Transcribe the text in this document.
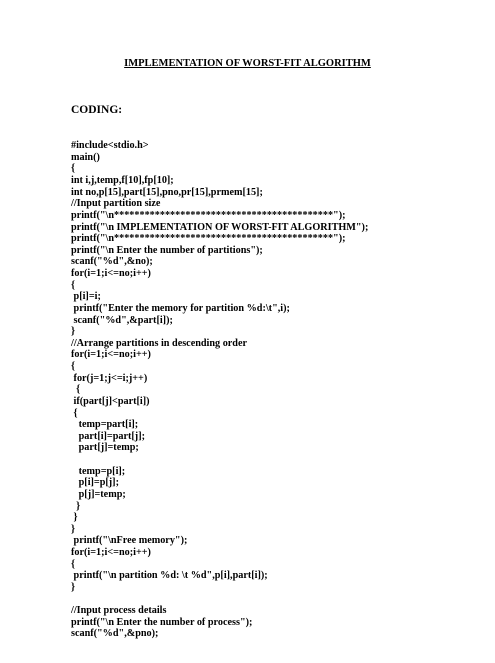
IMPLEMENTATION OF WORST-FIT ALGORITHM

CODING:

#include<stdio.h>
main()
{
int i,j,temp,f[10],fp[10];
int no,p[15],part[15],pno,pr[15],prmem[15];
//Input partition size
printf("\n*******************************************");
printf("\n IMPLEMENTATION OF WORST-FIT ALGORITHM");
printf("\n*******************************************");
printf("\n Enter the number of partitions");
scanf("%d",&no);
for(i=1;i<=no;i++)
{
p[i]=i;
printf("Enter the memory for partition %d:\t",i);
scanf("%d",&part[i]);
}
//Arrange partitions in descending order
for(i=1;i<=no;i++)
{
for(j=1;j<=i;j++)
{
if(part[j]<part[i])
{
temp=part[i];
part[i]=part[j];
part[j]=temp;
temp=p[i];
p[i]=p[j];
p[j]=temp;
}
}
}
printf("\nFree memory");
for(i=1;i<=no;i++)
{
printf("\n partition %d: \t %d",p[i],part[i]);
}
//Input process details
printf("\n Enter the number of process");
scanf("%d",&pno);
